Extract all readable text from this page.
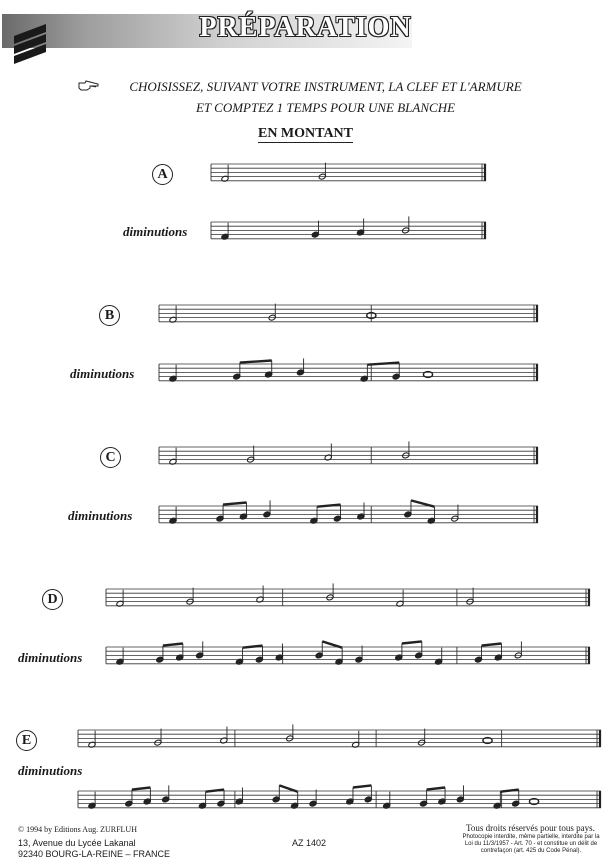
PRÉPARATION
CHOISISSEZ, SUIVANT VOTRE INSTRUMENT, LA CLEF ET L'ARMURE
ET COMPTEZ 1 TEMPS POUR UNE BLANCHE
EN MONTANT
A
B
C
D
E
diminutions
diminutions
diminutions
diminutions
diminutions
© 1994 by Editions Aug. ZURFLUH
13, Avenue du Lycée Lakanal
92340 BOURG-LA-REINE – FRANCE
AZ 1402
Tous droits réservés pour tous pays.
Photocopie interdite, même partielle, interdite par la
Loi du 11/3/1957 - Art. 70 - et constitue un délit de
contrefaçon (art. 425 du Code Pénal).
